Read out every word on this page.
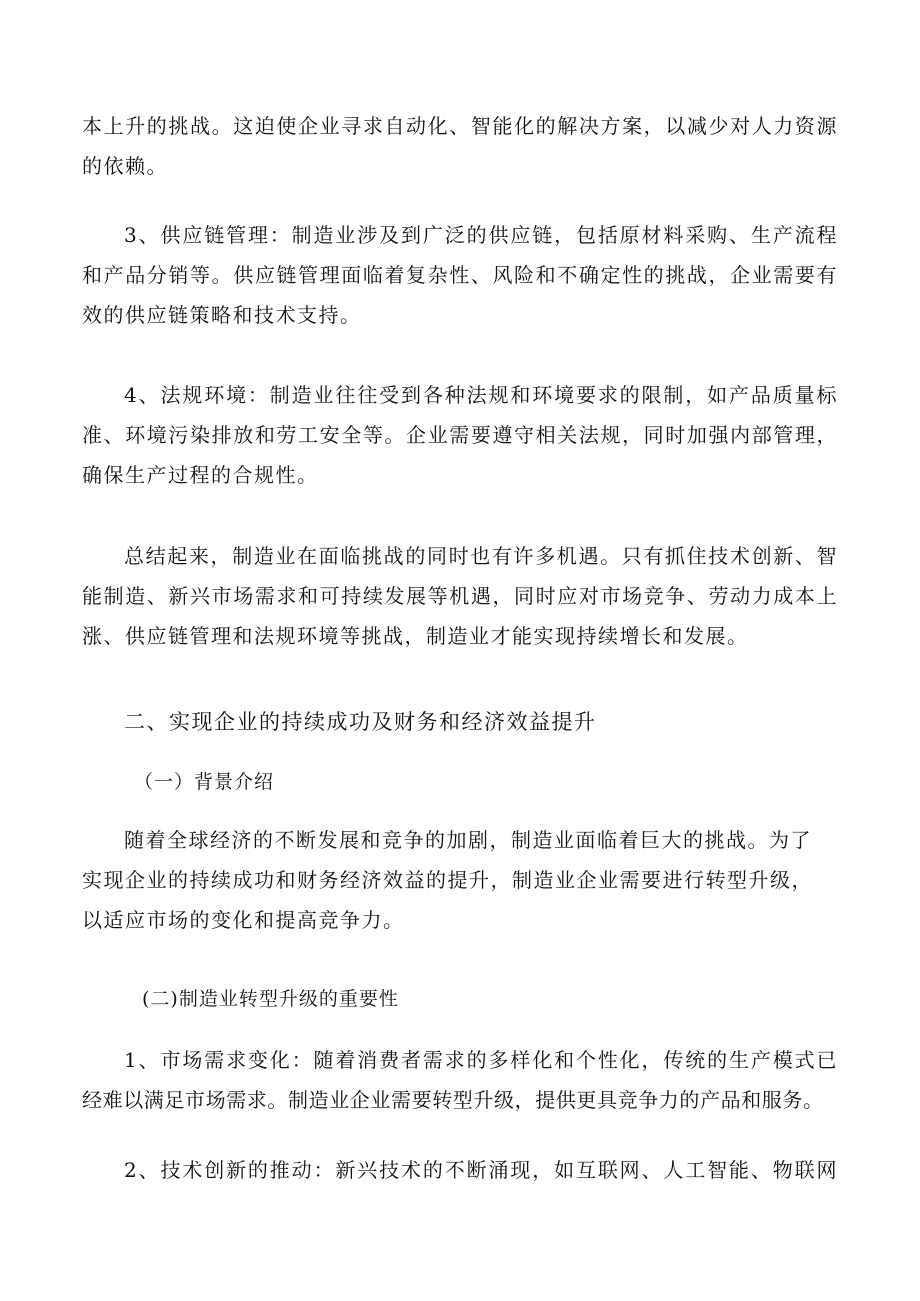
本上升的挑战。这迫使企业寻求自动化、智能化的解决方案，以减少对人力资源
的依赖。
3、供应链管理：制造业涉及到广泛的供应链，包括原材料采购、生产流程
和产品分销等。供应链管理面临着复杂性、风险和不确定性的挑战，企业需要有
效的供应链策略和技术支持。
4、法规环境：制造业往往受到各种法规和环境要求的限制，如产品质量标
准、环境污染排放和劳工安全等。企业需要遵守相关法规，同时加强内部管理，
确保生产过程的合规性。
总结起来，制造业在面临挑战的同时也有许多机遇。只有抓住技术创新、智
能制造、新兴市场需求和可持续发展等机遇，同时应对市场竞争、劳动力成本上
涨、供应链管理和法规环境等挑战，制造业才能实现持续增长和发展。
二、实现企业的持续成功及财务和经济效益提升
（一）背景介绍
随着全球经济的不断发展和竞争的加剧，制造业面临着巨大的挑战。为了
实现企业的持续成功和财务经济效益的提升，制造业企业需要进行转型升级，
以适应市场的变化和提高竞争力。
(二)制造业转型升级的重要性
1、市场需求变化：随着消费者需求的多样化和个性化，传统的生产模式已
经难以满足市场需求。制造业企业需要转型升级，提供更具竞争力的产品和服务。
2、技术创新的推动：新兴技术的不断涌现，如互联网、人工智能、物联网
